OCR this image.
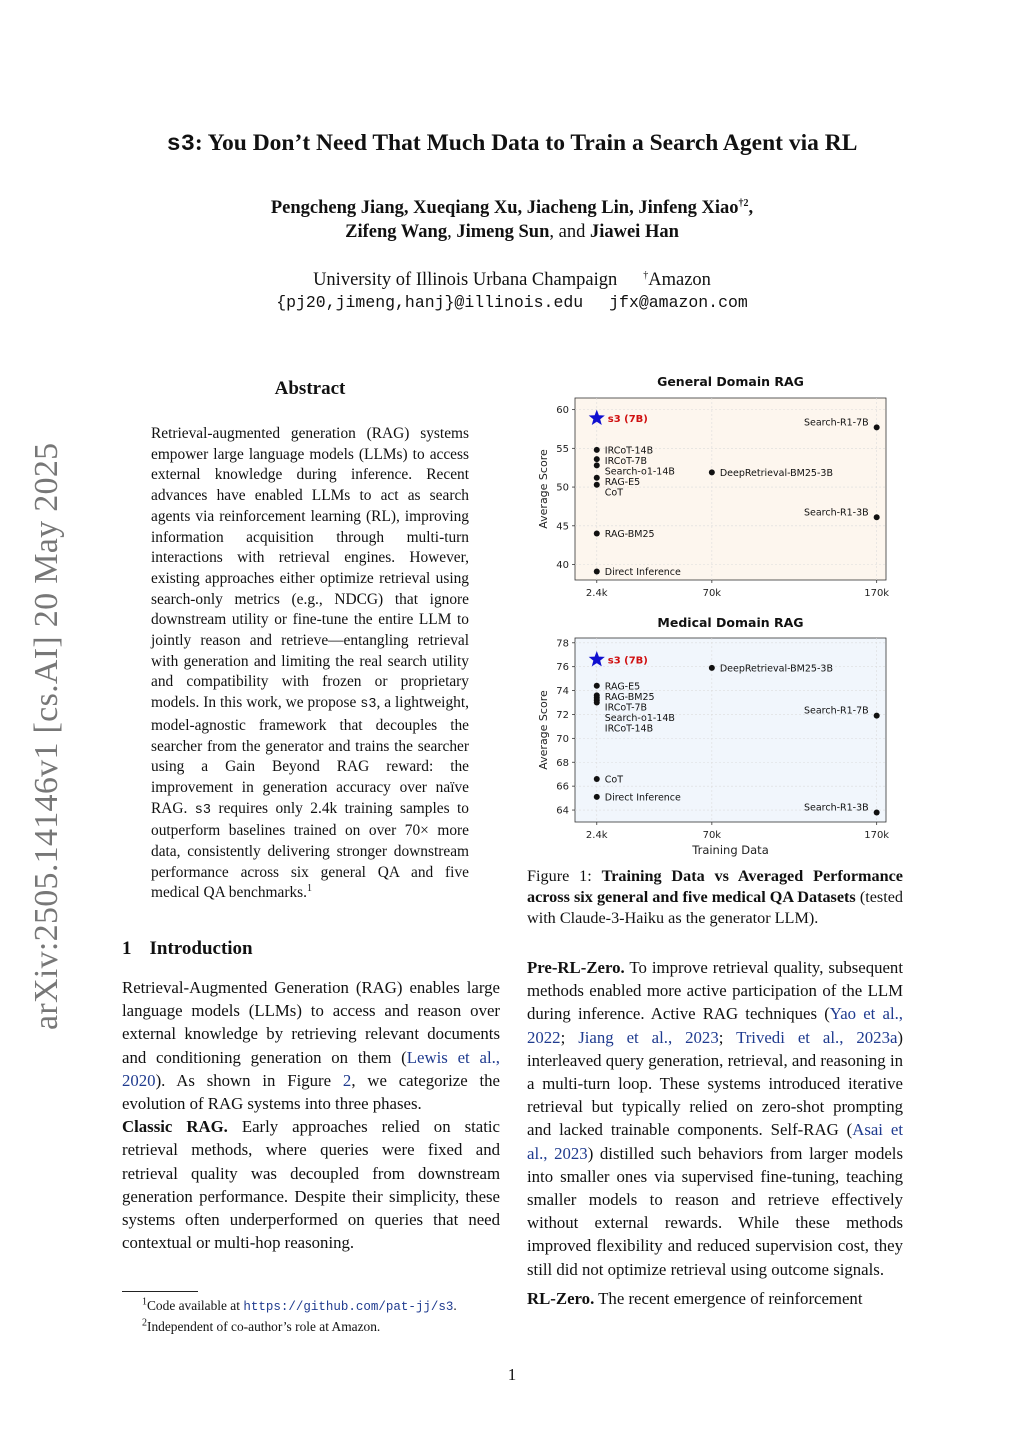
s3: You Don’t Need That Much Data to Train a Search Agent via RL
Pengcheng Jiang, Xueqiang Xu, Jiacheng Lin, Jinfeng Xiao$^{\dagger 2}$,
Zifeng Wang, Jimeng Sun, and Jiawei Han
University of Illinois Urbana Champaign	†Amazon
{pj20,jimeng,hanj}@illinois.edu jfx@amazon.com
arXiv:2505.14146v1 [cs.AI] 20 May 2025
Abstract
Retrieval-augmented generation (RAG) systems empower large language models (LLMs) to access external knowledge during inference. Recent advances have enabled LLMs to act as search agents via reinforcement learning (RL), improving information acquisition through multi-turn interactions with retrieval engines. However, existing approaches either optimize retrieval using search-only metrics (e.g., NDCG) that ignore downstream utility or fine-tune the entire LLM to jointly reason and retrieve—entangling retrieval with generation and limiting the real search utility and compatibility with frozen or proprietary models. In this work, we propose s3, a lightweight, model-agnostic framework that decouples the searcher from the generator and trains the searcher using a Gain Beyond RAG reward: the improvement in generation accuracy over naïve RAG. s3 requires only 2.4k training samples to outperform baselines trained on over 70× more data, consistently delivering stronger downstream performance across six general QA and five medical QA benchmarks.$^1$
1 Introduction

Retrieval-Augmented Generation (RAG) enables large language models (LLMs) to access and reason over external knowledge by retrieving relevant documents and conditioning generation on them (Lewis et al., 2020). As shown in Figure 2, we categorize the evolution of RAG systems into three phases.

Classic RAG. Early approaches relied on static retrieval methods, where queries were fixed and retrieval quality was decoupled from downstream generation performance. Despite their simplicity, these systems often underperformed on queries that need contextual or multi-hop reasoning.

40
45
50
55
60
2.4k	70k	170k
General Domain RAG
Average Score
s3 (7B)
IRCoT-14B
IRCoT-7B
Search-o1-14B
RAG-E5
CoT
RAG-BM25
Direct Inference
DeepRetrieval-BM25-3B
Search-R1-7B
Search-R1-3B
64
66
68
70
72
74
76
78
2.4k	70k	170k
Medical Domain RAG
Average Score
Training Data
s3 (7B)
RAG-E5
RAG-BM25
IRCoT-7B
Search-o1-14B
IRCoT-14B
CoT
Direct Inference
DeepRetrieval-BM25-3B
Search-R1-7B
Search-R1-3B
Figure 1: Training Data vs Averaged Performance across six general and five medical QA Datasets (tested with Claude-3-Haiku as the generator LLM).

Pre-RL-Zero. To improve retrieval quality, subsequent methods enabled more active participation of the LLM during inference. Active RAG techniques (Yao et al., 2022; Jiang et al., 2023; Trivedi et al., 2023a) interleaved query generation, retrieval, and reasoning in a multi-turn loop. These systems introduced iterative retrieval but typically relied on zero-shot prompting and lacked trainable components. Self-RAG (Asai et al., 2023) distilled such behaviors from larger models into smaller ones via supervised fine-tuning, teaching smaller models to reason and retrieve effectively without external rewards. While these methods improved flexibility and reduced supervision cost, they still did not optimize retrieval using outcome signals.

RL-Zero. The recent emergence of reinforcement

$^1$Code available at https://github.com/pat-jj/s3.
$^2$Independent of co-author’s role at Amazon.
1
